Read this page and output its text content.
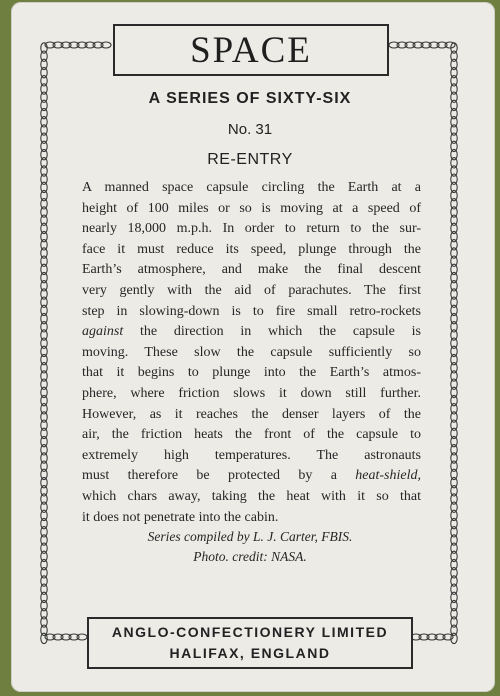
SPACE
A SERIES OF SIXTY-SIX
No. 31
RE-ENTRY

A manned space capsule circling the Earth at a

height of 100 miles or so is moving at a speed of

nearly 18,000 m.p.h. In order to return to the sur-

face it must reduce its speed, plunge through the

Earth’s atmosphere, and make the final descent

very gently with the aid of parachutes. The first

step in slowing-down is to fire small retro-rockets

against the direction in which the capsule is

moving. These slow the capsule sufficiently so

that it begins to plunge into the Earth’s atmos-

phere, where friction slows it down still further.

However, as it reaches the denser layers of the

air, the friction heats the front of the capsule to

extremely high temperatures. The astronauts

must therefore be protected by a heat-shield,

which chars away, taking the heat with it so that

it does not penetrate into the cabin.

Series compiled by L. J. Carter, FBIS.
Photo. credit: NASA.
ANGLO-CONFECTIONERY LIMITED
HALIFAX, ENGLAND
